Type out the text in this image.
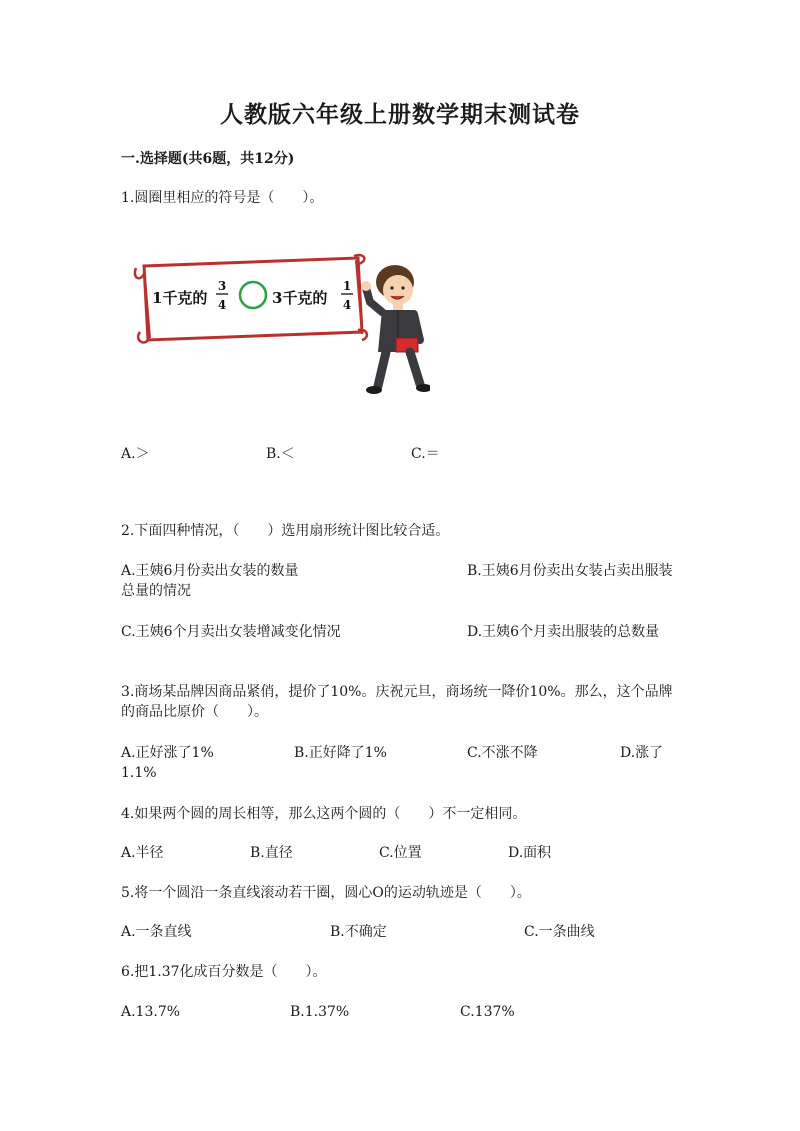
人教版六年级上册数学期末测试卷
一.选择题(共6题，共12分)
1.圆圈里相应的符号是（　　）。
1千克的
3
4	3千克的
1
4
A.＞	B.＜	C.＝
2.下面四种情况，（　　）选用扇形统计图比较合适。
A.王姨6月份卖出女装的数量	B.王姨6月份卖出女装占卖出服装总量的情况
C.王姨6个月卖出女装增减变化情况	D.王姨6个月卖出服装的总数量
3.商场某品牌因商品紧俏，提价了10%。庆祝元旦，商场统一降价10%。那么，这个品牌的商品比原价（　　）。
A.正好涨了1%	B.正好降了1%	C.不涨不降	D.涨了1.1%
4.如果两个圆的周长相等，那么这两个圆的（　　）不一定相同。
A.半径	B.直径	C.位置	D.面积
5.将一个圆沿一条直线滚动若干圈，圆心O的运动轨迹是（　　）。
A.一条直线	B.不确定	C.一条曲线
6.把1.37化成百分数是（　　）。
A.13.7%	B.1.37%	C.137%
